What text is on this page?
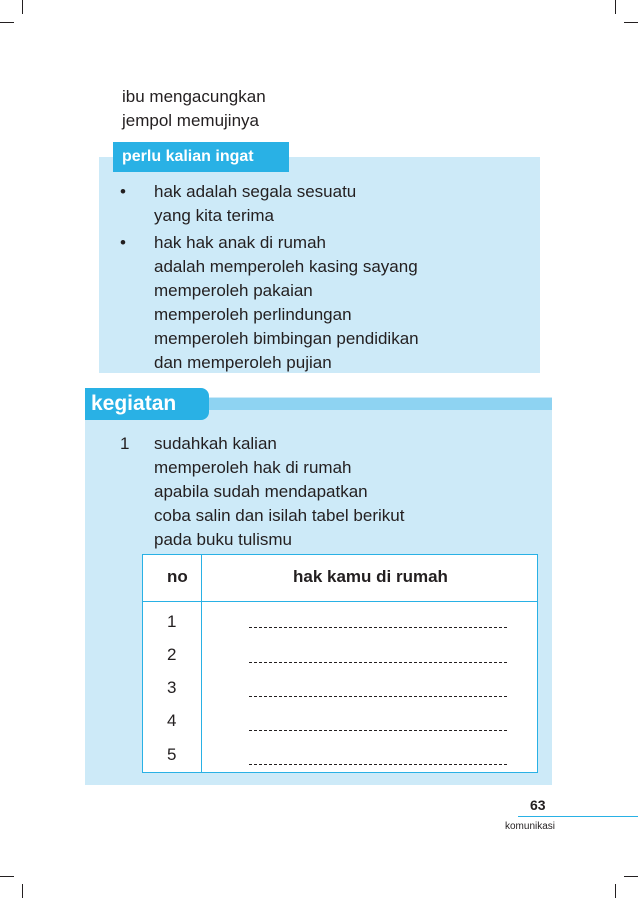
ibu mengacungkan
jempol memujinya
perlu kalian ingat
• hak adalah segala sesuatu
yang kita terima
• hak hak anak di rumah
adalah memperoleh kasing sayang
memperoleh pakaian
memperoleh perlindungan
memperoleh bimbingan pendidikan
dan memperoleh pujian
kegiatan
1 sudahkah kalian
memperoleh hak di rumah
apabila sudah mendapatkan
coba salin dan isilah tabel berikut
pada buku tulismu
no	hak kamu di rumah
1
2
3
4
5
63
komunikasi
